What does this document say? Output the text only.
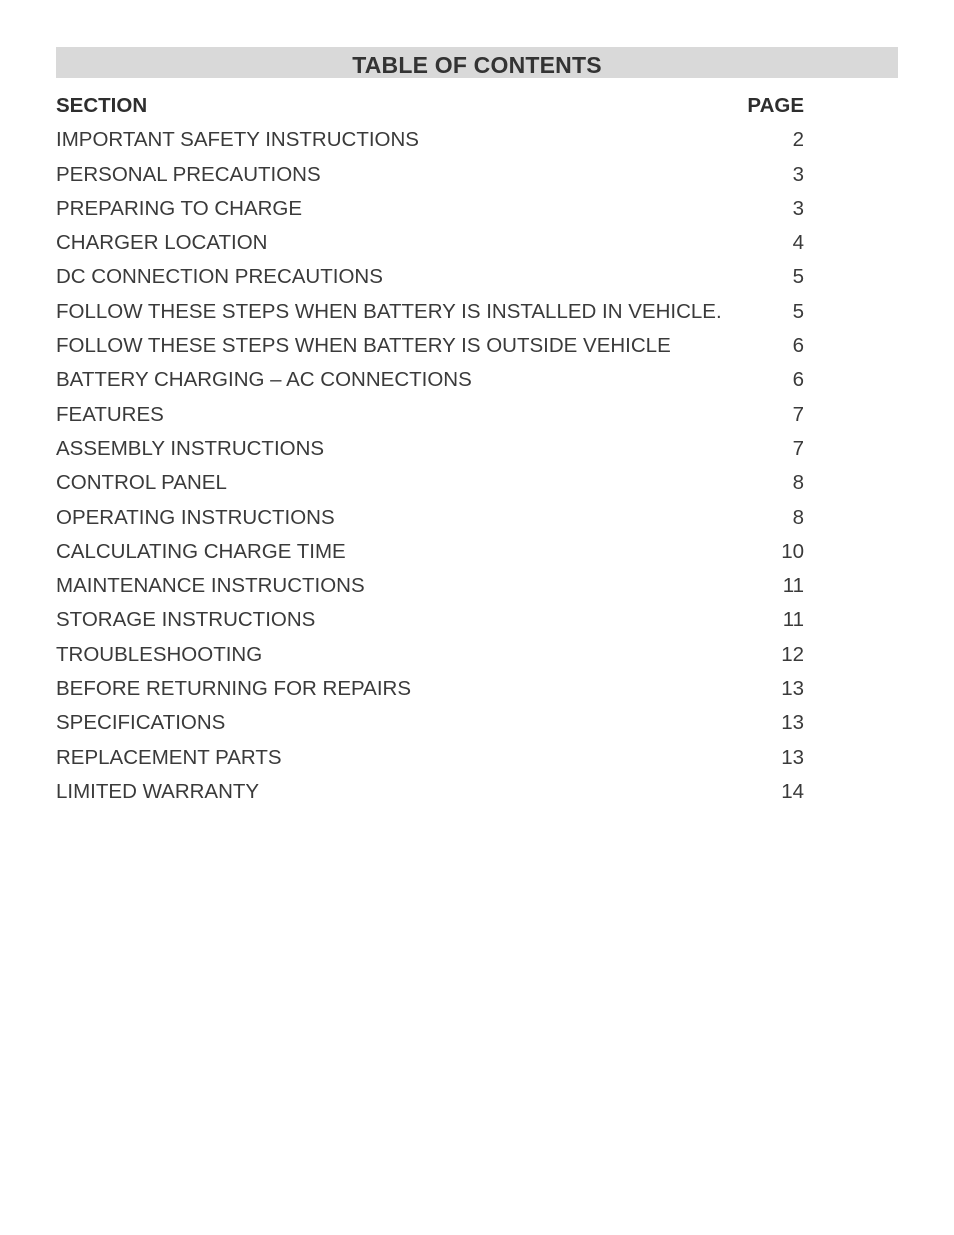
TABLE OF CONTENTS
SECTION	PAGE
IMPORTANT SAFETY INSTRUCTIONS	2
PERSONAL PRECAUTIONS	3
PREPARING TO CHARGE	3
CHARGER LOCATION	4
DC CONNECTION PRECAUTIONS	5
FOLLOW THESE STEPS WHEN BATTERY IS INSTALLED IN VEHICLE.	5
FOLLOW THESE STEPS WHEN BATTERY IS OUTSIDE VEHICLE	6
BATTERY CHARGING – AC CONNECTIONS	6
FEATURES	7
ASSEMBLY INSTRUCTIONS	7
CONTROL PANEL	8
OPERATING INSTRUCTIONS	8
CALCULATING CHARGE TIME	10
MAINTENANCE INSTRUCTIONS	11
STORAGE INSTRUCTIONS	11
TROUBLESHOOTING	12
BEFORE RETURNING FOR REPAIRS	13
SPECIFICATIONS	13
REPLACEMENT PARTS	13
LIMITED WARRANTY	14
